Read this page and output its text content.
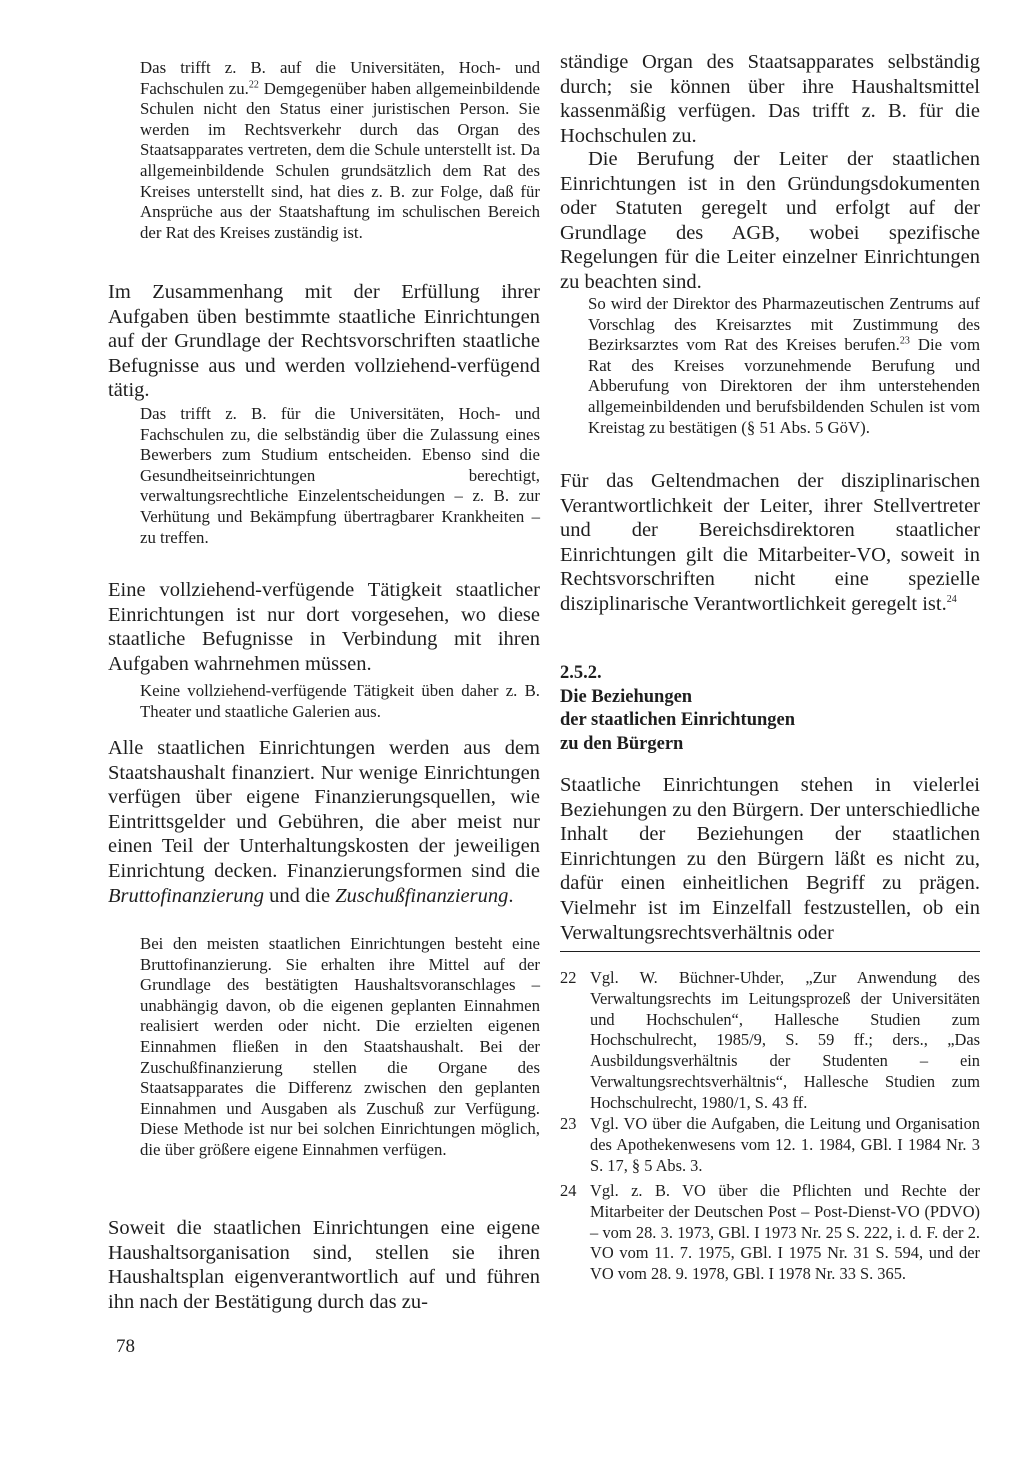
Das trifft z. B. auf die Universitäten, Hoch- und Fachschulen zu.$^{22}$ Demgegenüber haben allgemeinbildende Schulen nicht den Status einer juristischen Person. Sie werden im Rechtsverkehr durch das Organ des Staatsapparates vertreten, dem die Schule unterstellt ist. Da allgemeinbildende Schulen grundsätzlich dem Rat des Kreises unterstellt sind, hat dies z. B. zur Folge, daß für Ansprüche aus der Staatshaftung im schulischen Bereich der Rat des Kreises zuständig ist.

Im Zusammenhang mit der Erfüllung ihrer Aufgaben üben bestimmte staatliche Einrichtungen auf der Grundlage der Rechtsvorschriften staatliche Befugnisse aus und werden vollziehend-verfügend tätig.

Das trifft z. B. für die Universitäten, Hoch- und Fachschulen zu, die selbständig über die Zulassung eines Bewerbers zum Studium entscheiden. Ebenso sind die Gesundheitseinrichtungen berechtigt, verwaltungsrechtliche Einzelentscheidungen – z. B. zur Verhütung und Bekämpfung übertragbarer Krankheiten – zu treffen.

Eine vollziehend-verfügende Tätigkeit staatlicher Einrichtungen ist nur dort vorgesehen, wo diese staatliche Befugnisse in Verbindung mit ihren Aufgaben wahrnehmen müssen.

Keine vollziehend-verfügende Tätigkeit üben daher z. B. Theater und staatliche Galerien aus.

Alle staatlichen Einrichtungen werden aus dem Staatshaushalt finanziert. Nur wenige Einrichtungen verfügen über eigene Finanzierungsquellen, wie Eintrittsgelder und Gebühren, die aber meist nur einen Teil der Unterhaltungskosten der jeweiligen Einrichtung decken. Finanzierungsformen sind die Bruttofinanzierung und die Zuschußfinanzierung.

Bei den meisten staatlichen Einrichtungen besteht eine Bruttofinanzierung. Sie erhalten ihre Mittel auf der Grundlage des bestätigten Haushaltsvoranschlages – unabhängig davon, ob die eigenen geplanten Einnahmen realisiert werden oder nicht. Die erzielten eigenen Einnahmen fließen in den Staatshaushalt. Bei der Zuschußfinanzierung stellen die Organe des Staatsapparates die Differenz zwischen den geplanten Einnahmen und Ausgaben als Zuschuß zur Verfügung. Diese Methode ist nur bei solchen Einrichtungen möglich, die über größere eigene Einnahmen verfügen.

Soweit die staatlichen Einrichtungen eine eigene Haushaltsorganisation sind, stellen sie ihren Haushaltsplan eigenverantwortlich auf und führen ihn nach der Bestätigung durch das zu-

ständige Organ des Staatsapparates selbständig durch; sie können über ihre Haushaltsmittel kassenmäßig verfügen. Das trifft z. B. für die Hochschulen zu.

Die Berufung der Leiter der staatlichen Einrichtungen ist in den Gründungsdokumenten oder Statuten geregelt und erfolgt auf der Grundlage des AGB, wobei spezifische Regelungen für die Leiter einzelner Einrichtungen zu beachten sind.

So wird der Direktor des Pharmazeutischen Zentrums auf Vorschlag des Kreisarztes mit Zustimmung des Bezirksarztes vom Rat des Kreises berufen.$^{23}$ Die vom Rat des Kreises vorzunehmende Berufung und Abberufung von Direktoren der ihm unterstehenden allgemeinbildenden und berufsbildenden Schulen ist vom Kreistag zu bestätigen (§ 51 Abs. 5 GöV).

Für das Geltendmachen der disziplinarischen Verantwortlichkeit der Leiter, ihrer Stellvertreter und der Bereichsdirektoren staatlicher Einrichtungen gilt die Mitarbeiter-VO, soweit in Rechtsvorschriften nicht eine spezielle disziplinarische Verantwortlichkeit geregelt ist.$^{24}$

2.5.2.
Die Beziehungen
der staatlichen Einrichtungen
zu den Bürgern

Staatliche Einrichtungen stehen in vielerlei Beziehungen zu den Bürgern. Der unterschiedliche Inhalt der Beziehungen der staatlichen Einrichtungen zu den Bürgern läßt es nicht zu, dafür einen einheitlichen Begriff zu prägen. Vielmehr ist im Einzelfall festzustellen, ob ein Verwaltungsrechtsverhältnis oder

22 Vgl. W. Büchner-Uhder, „Zur Anwendung des Verwaltungsrechts im Leitungsprozeß der Universitäten und Hochschulen“, Hallesche Studien zum Hochschulrecht, 1985/9, S. 59 ff.; ders., „Das Ausbildungsverhältnis der Studenten – ein Verwaltungsrechtsverhältnis“, Hallesche Studien zum Hochschulrecht, 1980/1, S. 43 ff.
23 Vgl. VO über die Aufgaben, die Leitung und Organisation des Apothekenwesens vom 12. 1. 1984, GBl. I 1984 Nr. 3 S. 17, § 5 Abs. 3.
24 Vgl. z. B. VO über die Pflichten und Rechte der Mitarbeiter der Deutschen Post – Post-Dienst-VO (PDVO) – vom 28. 3. 1973, GBl. I 1973 Nr. 25 S. 222, i. d. F. der 2. VO vom 11. 7. 1975, GBl. I 1975 Nr. 31 S. 594, und der VO vom 28. 9. 1978, GBl. I 1978 Nr. 33 S. 365.
78
